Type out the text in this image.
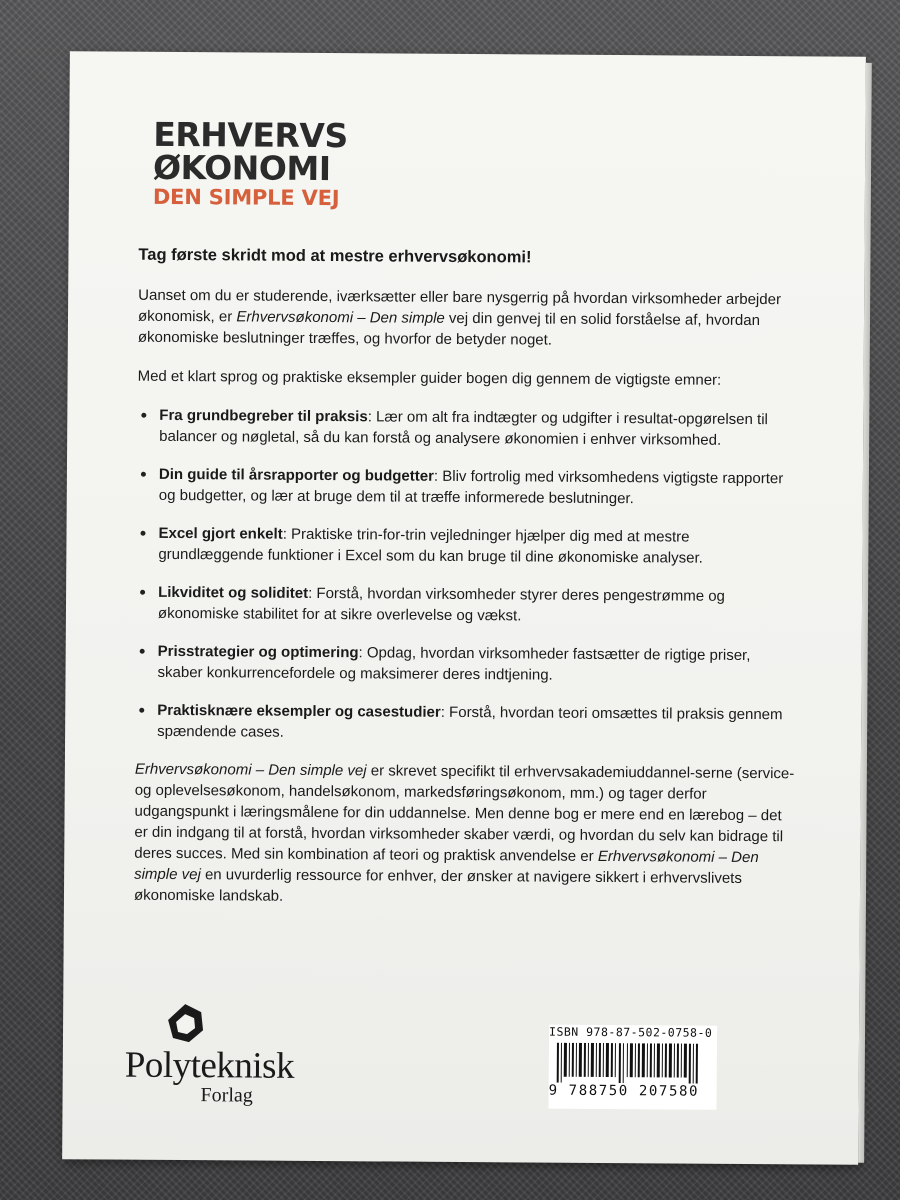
ERHVERVS
ØKONOMI
DEN SIMPLE VEJ

Tag første skridt mod at mestre erhvervsøkonomi!

Uanset om du er studerende, iværksætter eller bare nysgerrig på hvordan virksomheder arbejder økonomisk, er Erhvervsøkonomi – Den simple vej din genvej til en solid forståelse af, hvordan økonomiske beslutninger træffes, og hvorfor de betyder noget.

Med et klart sprog og praktiske eksempler guider bogen dig gennem de vigtigste emner:

Fra grundbegreber til praksis: Lær om alt fra indtægter og udgifter i resultat-opgørelsen til balancer og nøgletal, så du kan forstå og analysere økonomien i enhver virksomhed.
Din guide til årsrapporter og budgetter: Bliv fortrolig med virksomhedens vigtigste rapporter og budgetter, og lær at bruge dem til at træffe informerede beslutninger.
Excel gjort enkelt: Praktiske trin-for-trin vejledninger hjælper dig med at mestre grundlæggende funktioner i Excel som du kan bruge til dine økonomiske analyser.
Likviditet og soliditet: Forstå, hvordan virksomheder styrer deres pengestrømme og økonomiske stabilitet for at sikre overlevelse og vækst.
Prisstrategier og optimering: Opdag, hvordan virksomheder fastsætter de rigtige priser, skaber konkurrencefordele og maksimerer deres indtjening.
Praktisknære eksempler og casestudier: Forstå, hvordan teori omsættes til praksis gennem spændende cases.

Erhvervsøkonomi – Den simple vej er skrevet specifikt til erhvervsakademiuddannel-serne (service- og oplevelsesøkonom, handelsøkonom, markedsføringsøkonom, mm.) og tager derfor udgangspunkt i læringsmålene for din uddannelse. Men denne bog er mere end en lærebog – det er din indgang til at forstå, hvordan virksomheder skaber værdi, og hvordan du selv kan bidrage til deres succes. Med sin kombination af teori og praktisk anvendelse er Erhvervsøkonomi – Den simple vej en uvurderlig ressource for enhver, der ønsker at navigere sikkert i erhvervslivets økonomiske landskab.

Polyteknisk
Forlag
ISBN 978-87-502-0758-0
9 788750 207580
